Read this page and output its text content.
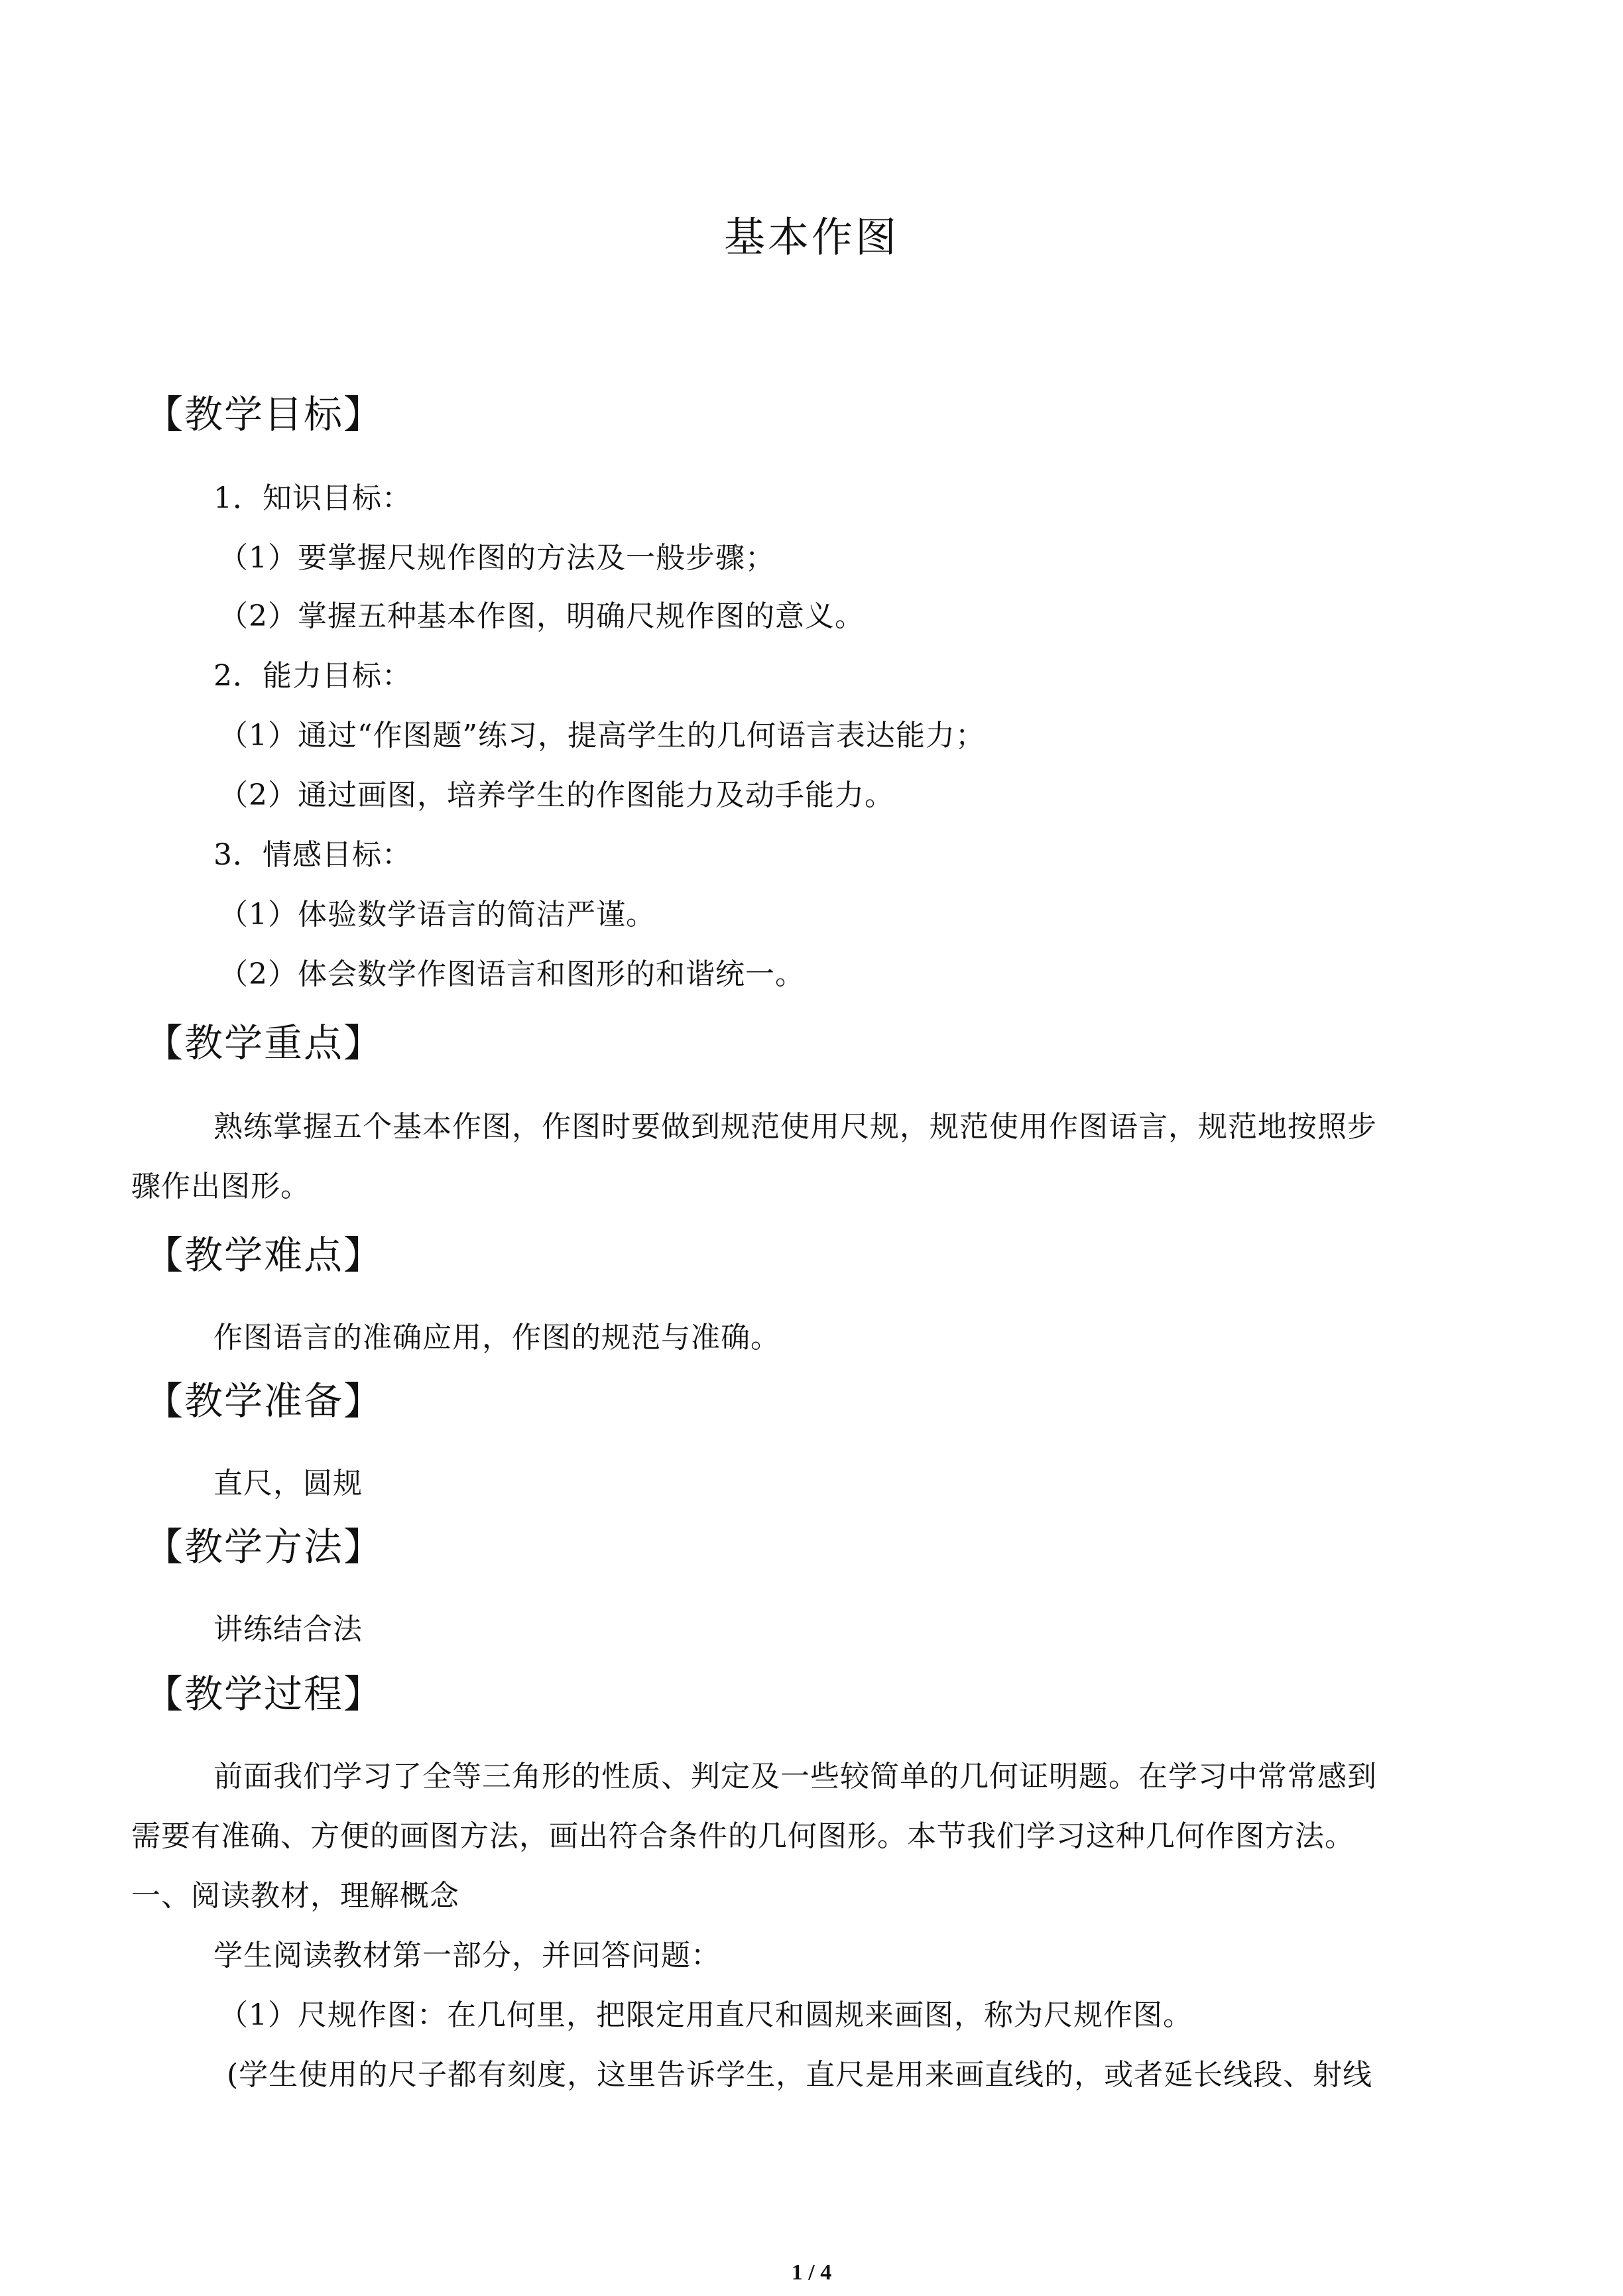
基本作图
【教学目标】
1．知识目标：
（1）要掌握尺规作图的方法及一般步骤；
（2）掌握五种基本作图，明确尺规作图的意义。
2．能力目标：
（1）通过“作图题”练习，提高学生的几何语言表达能力；
（2）通过画图，培养学生的作图能力及动手能力。
3．情感目标：
（1）体验数学语言的简洁严谨。
（2）体会数学作图语言和图形的和谐统一。
【教学重点】
熟练掌握五个基本作图，作图时要做到规范使用尺规，规范使用作图语言，规范地按照步
骤作出图形。
【教学难点】
作图语言的准确应用，作图的规范与准确。
【教学准备】
直尺，圆规
【教学方法】
讲练结合法
【教学过程】
前面我们学习了全等三角形的性质、判定及一些较简单的几何证明题。在学习中常常感到
需要有准确、方便的画图方法，画出符合条件的几何图形。本节我们学习这种几何作图方法。
一、阅读教材，理解概念
学生阅读教材第一部分，并回答问题：
（1）尺规作图：在几何里，把限定用直尺和圆规来画图，称为尺规作图。
(学生使用的尺子都有刻度，这里告诉学生，直尺是用来画直线的，或者延长线段、射线
1 / 4
